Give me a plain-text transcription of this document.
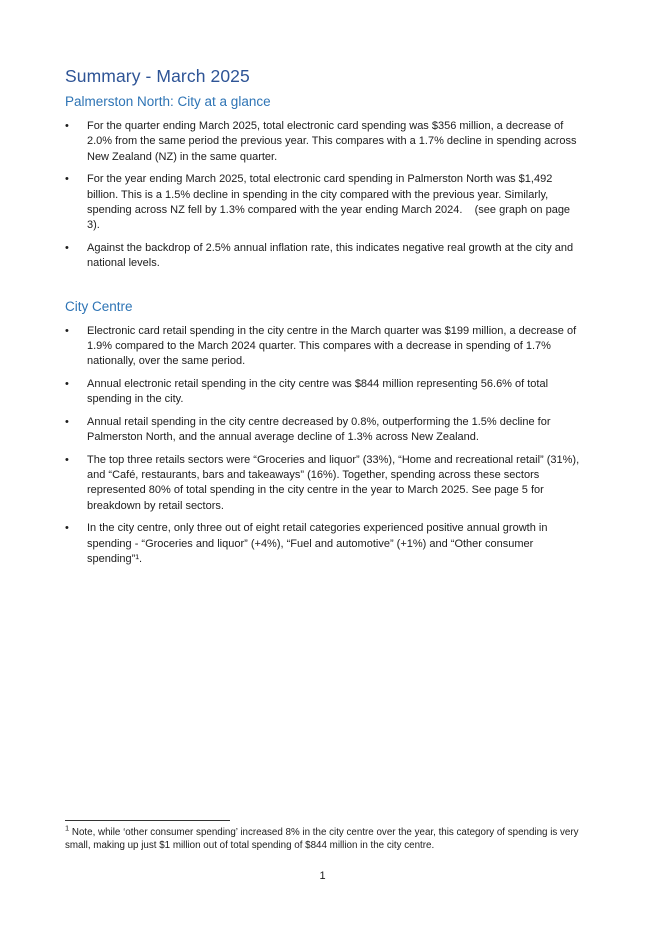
Summary - March 2025
Palmerston North: City at a glance
•	For the quarter ending March 2025, total electronic card spending was $356 million, a decrease of 2.0% from the same period the previous year. This compares with a 1.7% decline in spending across New Zealand (NZ) in the same quarter.
•	For the year ending March 2025, total electronic card spending in Palmerston North was $1,492 billion. This is a 1.5% decline in spending in the city compared with the previous year. Similarly, spending across NZ fell by 1.3% compared with the year ending March 2024.    (see graph on page 3).
•	Against the backdrop of 2.5% annual inflation rate, this indicates negative real growth at the city and national levels.
City Centre
•	Electronic card retail spending in the city centre in the March quarter was $199 million, a decrease of 1.9% compared to the March 2024 quarter. This compares with a decrease in spending of 1.7% nationally, over the same period.
•	Annual electronic retail spending in the city centre was $844 million representing 56.6% of total spending in the city.
•	Annual retail spending in the city centre decreased by 0.8%, outperforming the 1.5% decline for Palmerston North, and the annual average decline of 1.3% across New Zealand.
•	The top three retails sectors were “Groceries and liquor” (33%), “Home and recreational retail” (31%), and “Café, restaurants, bars and takeaways” (16%). Together, spending across these sectors represented 80% of total spending in the city centre in the year to March 2025. See page 5 for breakdown by retail sectors.
•	In the city centre, only three out of eight retail categories experienced positive annual growth in spending - “Groceries and liquor” (+4%), “Fuel and automotive” (+1%) and “Other consumer spending”¹.
$^1$ Note, while ‘other consumer spending’ increased 8% in the city centre over the year, this category of spending is very small, making up just $1 million out of total spending of $844 million in the city centre.
1
